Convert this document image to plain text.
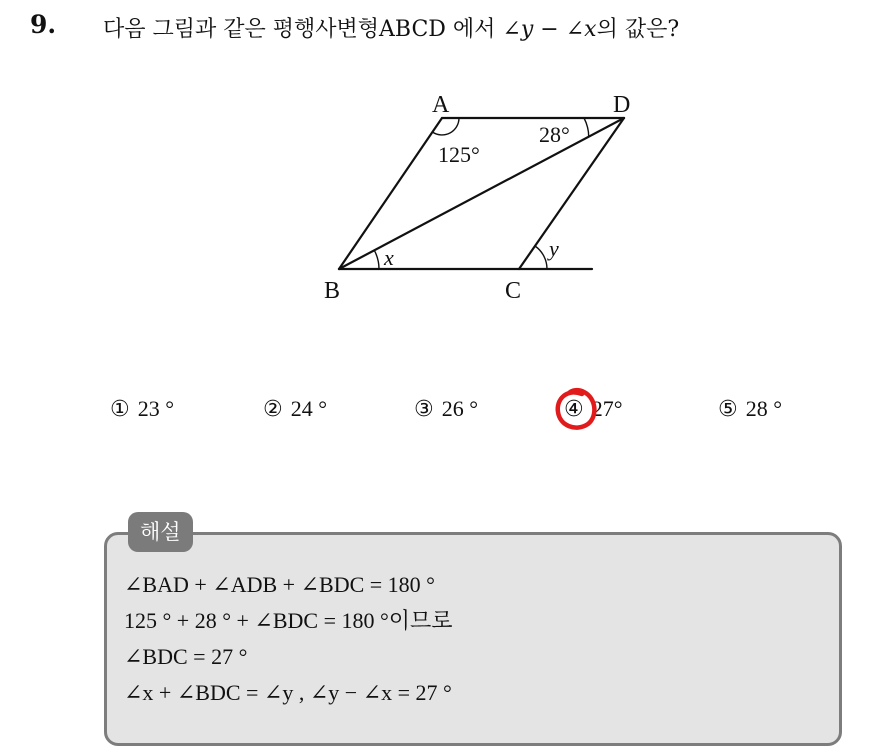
9. 다음 그림과 같은 평행사변형ABCD 에서 ∠y − ∠x의 값은?
A	D
B	C
125°
28°
x	y
① 23 °	② 24 °	③ 26 °	④ 27°	⑤ 28 °
해설
∠BAD + ∠ADB + ∠BDC = 180 °
125 ° + 28 ° + ∠BDC = 180 °이므로
∠BDC = 27 °
∠x + ∠BDC = ∠y , ∠y − ∠x = 27 °
